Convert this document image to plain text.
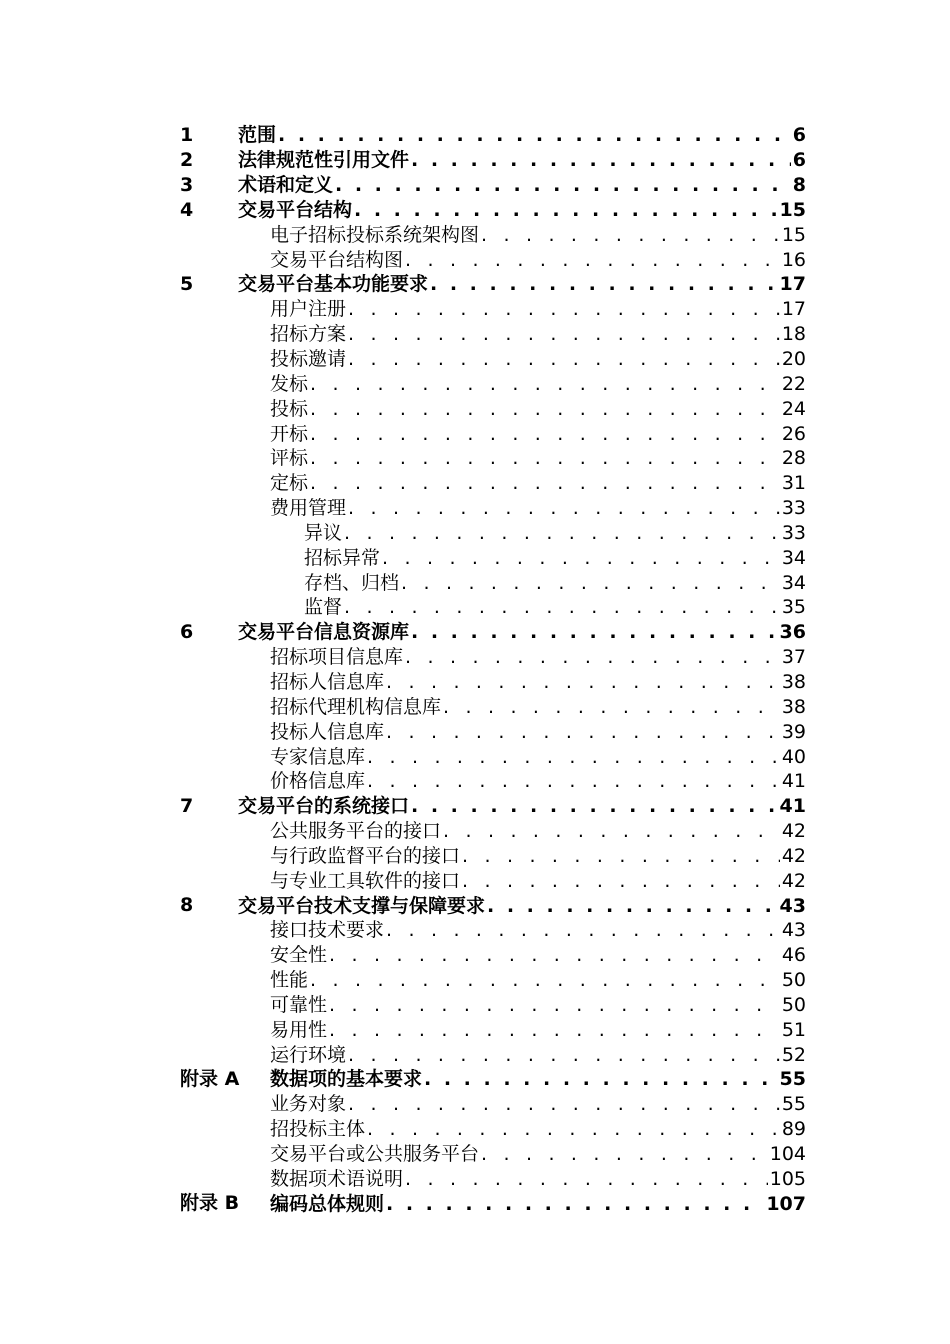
1 范围 . . .	6
2 法律规范性引用文件 . . .	6
3 术语和定义 . . .	8
4 交易平台结构 . . .	15
电子招标投标系统架构图 . . .	15
交易平台结构图 . . .	16
5 交易平台基本功能要求 . . .	17
用户注册 . . .	17
招标方案 . . .	18
投标邀请 . . .	20
发标 . . .	22
投标 . . .	24
开标 . . .	26
评标 . . .	28
定标 . . .	31
费用管理 . . .	33
异议 . . .	33
招标异常 . . .	34
存档、归档 . . .	34
监督 . . .	35
6 交易平台信息资源库 . . .	36
招标项目信息库 . . .	37
招标人信息库 . . .	38
招标代理机构信息库 . . .	38
投标人信息库 . . .	39
专家信息库 . . .	40
价格信息库 . . .	41
7 交易平台的系统接口 . . .	41
公共服务平台的接口 . . .	42
与行政监督平台的接口 . . .	42
与专业工具软件的接口 . . .	42
8 交易平台技术支撑与保障要求 . . .	43
接口技术要求 . . .	43
安全性 . . .	46
性能 . . .	50
可靠性 . . .	50
易用性 . . .	51
运行环境 . . .	52
附录 A 数据项的基本要求 . . .	55
业务对象 . . .	55
招投标主体 . . .	89
交易平台或公共服务平台 . . .	104
数据项术语说明 . . .	105
附录 B 编码总体规则 . . .	107
